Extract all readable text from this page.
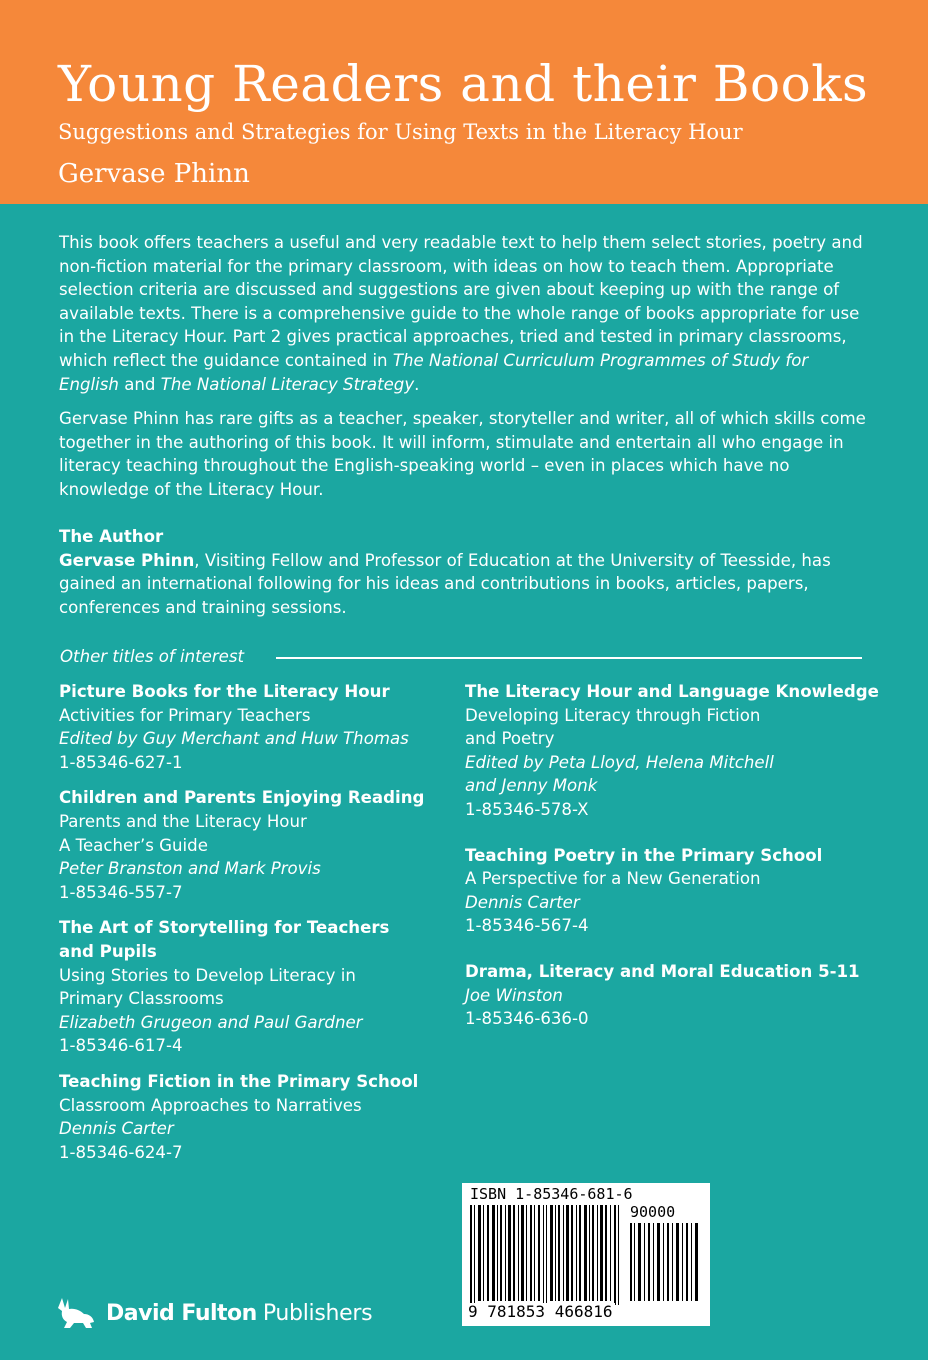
Young Readers and their Books
Suggestions and Strategies for Using Texts in the Literacy Hour
Gervase Phinn

This book offers teachers a useful and very readable text to help them select stories, poetry and non-fiction material for the primary classroom, with ideas on how to teach them. Appropriate selection criteria are discussed and suggestions are given about keeping up with the range of available texts. There is a comprehensive guide to the whole range of books appropriate for use in the Literacy Hour. Part 2 gives practical approaches, tried and tested in primary classrooms, which reflect the guidance contained in The National Curriculum Programmes of Study for English and The National Literacy Strategy.

Gervase Phinn has rare gifts as a teacher, speaker, storyteller and writer, all of which skills come together in the authoring of this book. It will inform, stimulate and entertain all who engage in literacy teaching throughout the English-speaking world – even in places which have no knowledge of the Literacy Hour.

The Author

Gervase Phinn, Visiting Fellow and Professor of Education at the University of Teesside, has gained an international following for his ideas and contributions in books, articles, papers, conferences and training sessions.

Other titles of interest
Picture Books for the Literacy Hour
Activities for Primary Teachers
Edited by Guy Merchant and Huw Thomas
1-85346-627-1
Children and Parents Enjoying Reading
Parents and the Literacy Hour
A Teacher’s Guide
Peter Branston and Mark Provis
1-85346-557-7
The Art of Storytelling for Teachers
and Pupils
Using Stories to Develop Literacy in
Primary Classrooms
Elizabeth Grugeon and Paul Gardner
1-85346-617-4
Teaching Fiction in the Primary School
Classroom Approaches to Narratives
Dennis Carter
1-85346-624-7
The Literacy Hour and Language Knowledge
Developing Literacy through Fiction
and Poetry
Edited by Peta Lloyd, Helena Mitchell
and Jenny Monk
1-85346-578-X
Teaching Poetry in the Primary School
A Perspective for a New Generation
Dennis Carter
1-85346-567-4
Drama, Literacy and Moral Education 5-11
Joe Winston
1-85346-636-0
ISBN 1-85346-681-6
90000
9 781853 466816
David Fulton Publishers
